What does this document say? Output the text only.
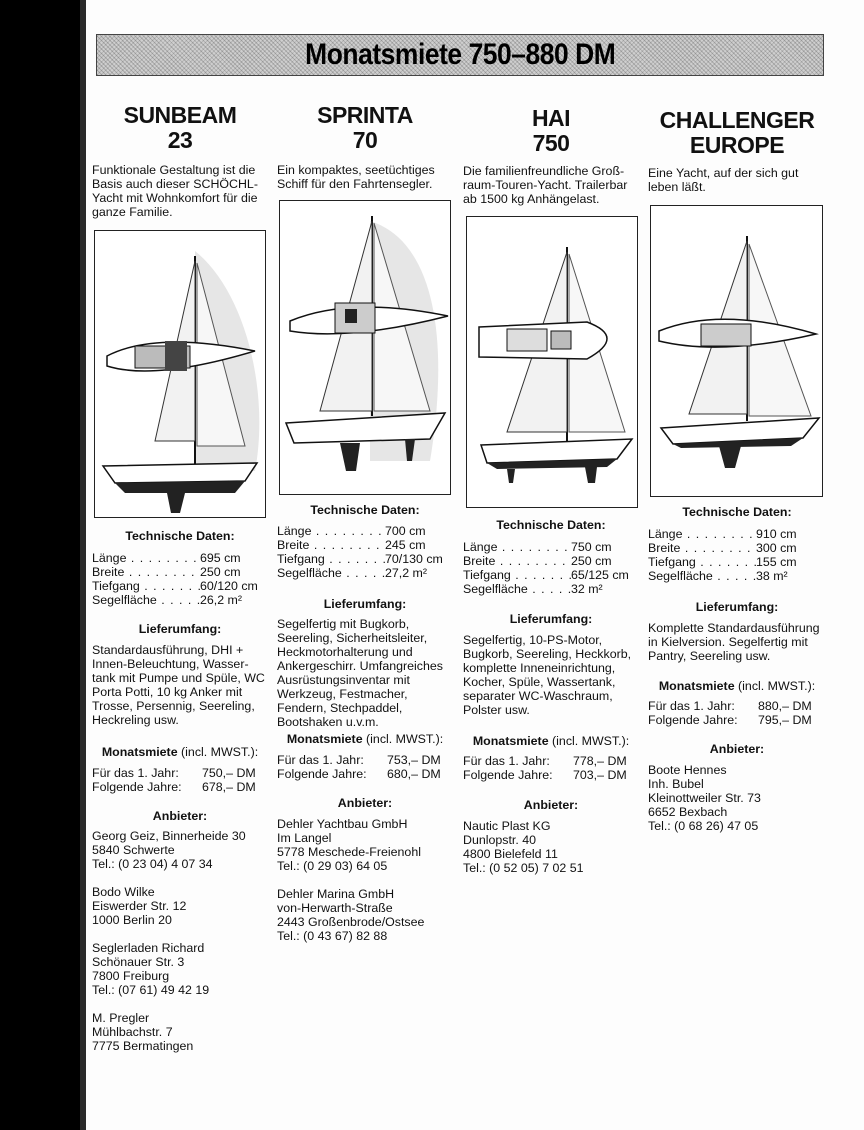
Monatsmiete 750–880 DM
SUNBEAM
23
Funktionale Gestaltung ist die Basis auch dieser SCHÖCHL-Yacht mit Wohnkomfort für die ganze Familie.
Technische Daten:
Länge . . .	695 cm
Breite . . .	250 cm
Tiefgang . . .	60/120 cm
Segelfläche . . .	26,2 m²
Lieferumfang:
Standardausführung, DHI + Innen-Beleuchtung, Wasser-tank mit Pumpe und Spüle, WC Porta Potti, 10 kg Anker mit Trosse, Persennig, Seereling, Heckreling usw.
Monatsmiete (incl. MWST.):
Für das 1. Jahr:	750,– DM
Folgende Jahre:	678,– DM
Anbieter:
Georg Geiz, Binnerheide 30
5840 Schwerte
Tel.: (0 23 04) 4 07 34
Bodo Wilke
Eiswerder Str. 12
1000 Berlin 20
Seglerladen Richard
Schönauer Str. 3
7800 Freiburg
Tel.: (07 61) 49 42 19
M. Pregler
Mühlbachstr. 7
7775 Bermatingen
SPRINTA
70
Ein kompaktes, seetüchtiges Schiff für den Fahrtensegler.
Technische Daten:
Länge . . .	700 cm
Breite . . .	245 cm
Tiefgang . . .	70/130 cm
Segelfläche . . .	27,2 m²
Lieferumfang:
Segelfertig mit Bugkorb, Seereling, Sicherheitsleiter, Heckmotorhalterung und Ankergeschirr. Umfangreiches Ausrüstungsinventar mit Werkzeug, Festmacher, Fendern, Stechpaddel, Bootshaken u.v.m.
Monatsmiete (incl. MWST.):
Für das 1. Jahr:	753,– DM
Folgende Jahre:	680,– DM
Anbieter:
Dehler Yachtbau GmbH
Im Langel
5778 Meschede-Freienohl
Tel.: (0 29 03) 64 05
Dehler Marina GmbH
von-Herwarth-Straße
2443 Großenbrode/Ostsee
Tel.: (0 43 67) 82 88
HAI
750
Die familienfreundliche Groß-raum-Touren-Yacht. Trailerbar ab 1500 kg Anhängelast.
Technische Daten:
Länge . . .	750 cm
Breite . . .	250 cm
Tiefgang . . .	65/125 cm
Segelfläche . . .	32 m²
Lieferumfang:
Segelfertig, 10-PS-Motor, Bugkorb, Seereling, Heckkorb, komplette Inneneinrichtung, Kocher, Spüle, Wassertank, separater WC-Waschraum, Polster usw.
Monatsmiete (incl. MWST.):
Für das 1. Jahr:	778,– DM
Folgende Jahre:	703,– DM
Anbieter:
Nautic Plast KG
Dunlopstr. 40
4800 Bielefeld 11
Tel.: (0 52 05) 7 02 51
CHALLENGER
EUROPE
Eine Yacht, auf der sich gut leben läßt.
Technische Daten:
Länge . . .	910 cm
Breite . . .	300 cm
Tiefgang . . .	155 cm
Segelfläche . . .	38 m²
Lieferumfang:
Komplette Standardausführung in Kielversion. Segelfertig mit Pantry, Seereling usw.
Monatsmiete (incl. MWST.):
Für das 1. Jahr:	880,– DM
Folgende Jahre:	795,– DM
Anbieter:
Boote Hennes
Inh. Bubel
Kleinottweiler Str. 73
6652 Bexbach
Tel.: (0 68 26) 47 05
